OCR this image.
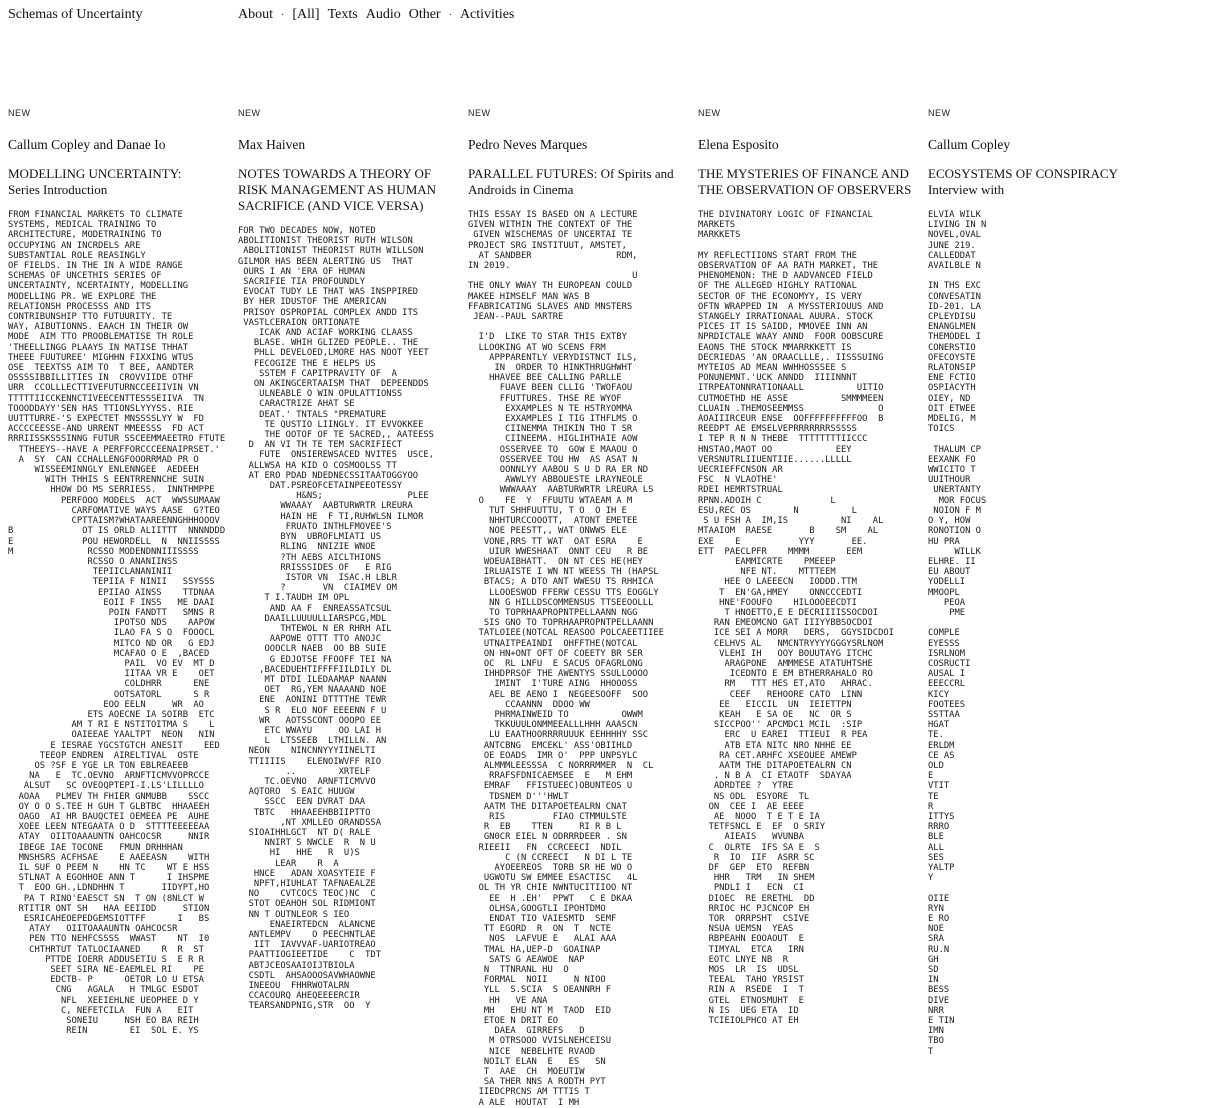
Schemas of Uncertainty	About · [All] Texts Audio Other · Activities
NEW
Callum Copley and Danae Io
MODELLING UNCERTAINTY:
Series Introduction
FROM FINANCIAL MARKETS TO CLIMATE
SYSTEMS, MEDICAL TRAINING TO
ARCHITECTURE, MODETRAINING TO
OCCUPYING AN INCRDELS ARE
SUBSTANTIAL ROLE REASINGLY
OF FIELDS. IN THE IN A WIDE RANGE
SCHEMAS OF UNCETHIS SERIES OF
UNCERTAINTY, NCERTAINTY, MODELLING
MODELLING PR. WE EXPLORE THE
RELATIONSH PROCESSS AND ITS
CONTRIBUNSHIP TTO FUTUURITY. TE
WAY, AIBUTIONNS. EAACH IN THEIR OW
MODE  AIM TTO PROOBLEMATISE TH ROLE
'THEELLINGG PLAAYS IN MATISE THHAT
THEEE FUUTUREE' MIGHHN FIXXING WTUS
OSE  TEEXTSS AIM TO  T BEE, AANDTER
OSSSSIBBILLITIES IN  CROVVIIDE OTHF
URR  CCOLLLECTTIVEFUTURNCCEEIIVIN VN
TTTTTIICCKENNCTIVEECENTTESSSEIIVA  TN
TOOODDAYY'SEN HAS TTIONSLYYYSS. RIE
UUTTTURRE-'S EXPECTET MNSSSSLYY W  FD
ACCCCEESSE-AND URRENT MMEESSS  FD ACT
RRRIISSKSSSINNG FUTUR SSCEEMMAEETRO FTUTE
TTHEEYS--HAVE A PERFFORCCCEENAIPRSET.'
A  SY  CAN CCHALLENGFOOORRMAD PR O
WISSEEMINNGLY ENLENNGEE  AEDEEH
WITH THHIS S EENTRRENNCHE SUIN
HHOW DO MS SERRIESS.  INNTHMPPE
PERFOOO MODELS  ACT  WWSSUMAAW
CARFOMATIVE WAYS AASE  G?TEO
CPTTAISM?WHATAAREENNGHHHOOOV
B             OT IS ORLD ALIITTT  NNNNDDD
E             POU HEWORDELL  N  NNIISSSS
M              RCSSO MODENDNNIIISSSS
RCSSO O ANANIINSS
TEPIICLANANINII
TEPIIA F NINII   SSYSSS
EPIIAO AINSS    TTDNAA
EOII F INSS   ME DAAI
POIN FANDTT   SMNS R
IPOTSO NDS    AAPOW
ILAO FA S O  FOOOCL
MITCO ND OR   G EDJ
MCAFAO O E  ,BACED
PAIL  VO EV  MT D
IITAA VR E    OET
COLDHRR      ENE
OOTSATORL      S R
EOO EELN     WR  AO
ETS AOECNE IA SOIRB  ETC
AM T RI E NSTITOITMA S    L
OAIEEAE YAALTPT  NEON   NIN
E IESRAE YGCSTGTCH ANESIT    EED
TEEOP ENDREN  AIRELTIVAL  OSTE
OS ?SF E YGE LR TON EBLREAEEB
NA   E  TC.OEVNO  ARNFTICMVVOPRCCE
ALSUT   SC OVEOQPTEPI-I.LS'LILLLLO
AOAA   PLMEV TH FHIER GNMUBB    SSCC
OY O O S.TEE H GUH T GLBTBC  HHAAEEH
OAGO  AI HR BAUQCTEI OEMEEA PE  AUHE
XOEE LEEN NTEGAATA O D  STTTTEEEEEAA
ATAY  OIITOAAAUNTN OAHCOCSR     NNIR
IBEGE IAE TOCONE   FMUN DRHHHAN
MNSHSRS ACFHSAE    E AAEEASN    WITH
IL SUF O PEEM N    HN TC    WT E HSS
STLNAT A EGOHHOE ANN T      I IHSPME
T  EOO GH.,LDNDHHN T       IIDYPT,HO
PA T RINO'EAESCT SN  T ON (8NLCT W
RTITIR ONT SH   HAA EEIIDD     STION
ESRICAHEOEPEDGEMSIOTTFF      I   BS
ATAY   OIITOAAAUNTN OAHCOCSR
PEN TTO NEHFCSSSS  WWAST    NT  I0
CHTHRTUT TATLOCIAANED    R  R  ST
PTTDE IOERR ADDUSETIU S  E R R
SEET SIRA NE-EAEMLEL RI    PE
EDCTB- P      OETOR LO U ETSA
CNG   AGALA   H TMLGC ESDOT
NFL  XEEIEHLNE UEOPHEE D Y
C, NEFETCILA  FUN A   EIT
SONEIU     NSH EO BA REIH
REIN        EI  SOL E. YS
NEW
Max Haiven
NOTES TOWARDS A THEORY OF RISK MANAGEMENT AS HUMAN SACRIFICE (AND VICE VERSA)
FOR TWO DECADES NOW, NOTED
ABOLITIONIST THEORIST RUTH WILSON
ABOLITIONIST THEORIST RUTH WILLSON
GILMOR HAS BEEN ALERTING US  THAT
OURS I AN 'ERA OF HUMAN
SACRIFIE TIA PROFOUNDLY
EVOCAT TUDY LE THAT WAS INSPPIRED
BY HER IDUSTOF THE AMERICAN
PRISOY OSPROPIAL COMPLEX ANDD ITS
VASTLCERAION ORTIONATE
ICAK AND ACIAF WORKING CLAASS
BLASE. WHIH GLIZED PEOPLE.. THE
PHLL DEVELOED,LMORE HAS NOOT YEET
FECOGIZE THE E HELPS US
SSTEM F CAPITPRAVITY OF  A
ON AKINGCERTAAISM THAT  DEPEENDDS
ULNEABLE O WIN OPULATTIONSS
CARACTRIZE AHAT SE
DEAT.' TNTALS "PREMATURE
TE QUSTIO LIINGLY. IT EVVOKKEE
THE OOTOF OF TE SACRED,, AATEESS
D  AN VI TH TE TEM SACRIFIECT
FUTE  ONSIEREWSACED NVITES  USCE,
ALLWSA HA KID O COSMOOLSS TT
AT ERO PDAD NDEDNECSSITAATOGGYOO
DAT.PSREOFCETAINPEEOTESSY
H&NS;                PLEE
WWAAAY  AABTURWRTR LREURA
HAIN HE  F TI,RUHWLSN ILMOR
FRUATO INTHLFMOVEE'S
BYN  UBROFLMIATI US
RLING  NNIZIE WNOE
?TH AEBS AICLTHIONS
RRISSSIDES OF   E RIG
ISTOR VN  ISAC.H LBLR
?       VN  CIAIMEV OM
T I.TAUDH IM OPL
AND AA F  ENREASSATCSUL
DAAILLUUUULLIARSPCG,MDL
THTEWOL N ER RHRH AIL
AAPOWE OTTT TTO ANOJC
OOOCLR NAEB  OO BB SUIE
G EDJOTSE FFOOFF TEI NA
,BACEDUEHTIFFFFIILDILY DL
MT DTDI ILEDAAMAP NAANN
OET  RG,YEM NAAAAND NOE
ENE  AONINI DTTTTHE TEWR
S R  ELO NOF EEEENN F U
WR   AOTSSCONT OOOPO EE
ETC WWAYU     OO LAI H
L  LTSSEEB  LTHILLN. AN
NEON    NINCNNYYYIINELTI
TTIIIIS    ELENOIWVFF RIO
..        XRTELF
TC.OEVNO  ARNFTICMVVO
AQTORO  S EAIC HUUGW
SSCC  EEN DVRAT DAA
TBTC   HHAAEEHBBIIPTTO
,NT XMLLEO ORANDSSA
SIOAIHHLGCT  NT D( RALE
NNIRT S NWCLE  R  N U
HI   HHE   R  U)S
LEAR    R  A
HNCE   ADAN XOASYTEIE F
NPFT,HIUHLAT TAFNAEALZE
NO    CVTCOCS TEOC)NC  C
STOT OEAHOH SOL RIDMIONT
NN T OUTNLEOR S IEO
ENAEIRTEDCN  ALANCNE
ANTLEMPV    O PEECHNTLAE
IIT  IAVVVAF-UARIOTREAO
PAATTIOGIEETIDE    C  TDT
ABTJCEOSAAIOIJTBIOLA
CSDTL  AHSAOOOSAVWHAOWNE
INEEOU  FHHRWOTALRN
CCACOURQ AHEQEEEERCIR
TEARSANDPNIG,STR  OO  Y
NEW
Pedro Neves Marques
PARALLEL FUTURES: Of Spirits and Androids in Cinema
THIS ESSAY IS BASED ON A LECTURE
GIVEN WITHIN THE CONTEXT OF THE
GIVEN WISCHEMAS OF UNCERTAI TE
PROJECT SRG INSTITUUT, AMSTET,
AT SANDBER                RDM,
IN 2019.
U
THE ONLY WWAY TH EUROPEAN COULD
MAKEE HIMSELF MAN WAS B
FFABRICATING SLAVES AND MNSTERS
JEAN--PAUL SARTRE

I'D  LIKE TO STAR THIS EXTBY
LLOOKING AT WO SCENS FRM
APPPARENTLY VERYDISTNCT ILS,
IN  ORDER TO HINKTHRUGHWHT
HHAVEE BEE CALLING PARLLE
FUAVE BEEN CLLIG 'TWOFAOU
FFUTTURES. THSE RE WYOF
EXXAMPLES N TE HSTRYOMMA
EXXAMPLES I TIG ITHFLMS O
CIINEMMA THIKIN THO T SR
CIINEEMA. HIGLIHTHAIE AOW
OSSERVEE TO  GOW E MAAOU O
OSSERVEE TOU HW  AS ASAT N
OONNLYY AABOU S U D RA ER ND
AWWLYY ABBOUESTE LRAYNEOLE
WWWAAAY  AABTURWRTR LREURA LS
O    FE  Y  FFUUTU WTAEAM A M
TUT SHHFUUTTU, T O  O IH E
NHHTURCCOOOTT,  ATONT EMETEE
NOE PEESTT,, WAT ONWWS ELE
VONE,RRS TT WAT  OAT ESRA    E
UIUR WWESHAAT  ONNT CEU   R BE
WOEUAIBHATT.  ON NT CES HE(HEY
IRLUAISTE I WN NT WEESS TH (HAPSL
BTACS; A DTO ANT WWESU TS RHHICA
LLOOESWOD FFERW CESSU TTS EOGGLY
NN G HILLDSCOMMENSUS TTSEEOOLLL
TO TOPRHAAPROPNTPELLAANN NGG
SIS GNO TO TOPRHAAPROPNTPELLAANN
TATLOIEE(NOTCAL REASOO POLCAEETIIEE
UTNAITPEAINDI  OHFFTHE(NOTCAL
ON HN+ONT OFT OF COEETY BR SER
OC  RL LNFU  E SACUS OFAGRLONG
IHHDPRSOF THE AWENTYS SSULLOOOO
IMINT  I'TURE AING  HHOOOSS
AEL BE AENO I  NEGEESOOFF  SOO
CCAANNN  DDOO WW
PHRMAINWEID TO          OWWM
TKKUUULONMMEEALLLHHH AAASCN
LU EAATHOORRRRUUUK EEHHHHY SSC
ANTCBNG  EMCEKL' ASS'OBIIHLD
OE EOADS  IMR O'  PPP UNPSYLC
ALMMMLEESSSA  C NORRRMMER  N  CL
RRAFSFDNICAEMSEE  E   M EHM
EMRAF   FFISTUEEC)OBUNTEOS U
TDSNEM D'''HWLT
AATM THE DITAPOETEALRN CNAT
RIS         FIAO CTMMULSTE
R  EB    TTEN     RI R B L
GN0CR EIEL N ODRRRDEER . SN
RIEEII   FN  CCRCEECI  NDIL
C (N CCREECI   N DI L TE
AYOEEREOS  TORB SR HE WO O
UGWOTU SW EMMEE ESACTISC   4L
OL TH YR CHIE NWNTUCITIIOO NT
EE  H .EH'  PPWT   C E DKAA
OLHSA,GOOGTLI IPOHTDMO
ENDAT TIO VAIESMTD  SEMF
TT EGORD  R  ON  T  NCTE
NOS  LAFVUE E   ALAI AAA
TMAL HA,UEP-D  GOAINAP
SATS G AEAWOE  NAP
N  TTNRANL HU  O
FORMAL  NOII     N NIOO
YLL  S.SCIA  S OEANNRH F
HH   VE ANA
MH   EHU NT M  TAOD  EID
ETOE N DRIT EO
DAEA  GIRREFS   D
M OTRSOOO VVISLNEHCEISU
NICE  NEBELHTE RVAOD
NOILT ELAN  E   ES   SN
T  AAE  CH  MOEUTIW
SA THER NNS A RODTH PYT
IIEDCPRCNS AM TTTIS T
A ALE  HOUTAT  I MH
NEW
Elena Esposito
THE MYSTERIES OF FINANCE AND THE OBSERVATION OF OBSERVERS
THE DIVINATORY LOGIC OF FINANCIAL
MARKETS
MARKKETS

MY REFLECTIIONS START FROM THE
OBSERVATION OF AA RATH MARKET, THE
PHENOMENON: THE D AADVANCED FIELD
OF THE ALLEGED HIGHLY RATIONAL
SECTOR OF THE ECONOMYY, IS VERY
OFTN WRAPPED IN  A MYSSTERIOUUS AND
STANGELY IRRATIONAAL AUURA. STOCK
PICES IT IS SAIDD, MMOVEE INN AN
NPRDICTALE WAAY ANND  FOOR OOBSCURE
EAONS THE STOCK MMARRKKETT IS
DECRIEDAS 'AN ORAACLLLE,. IISSSUING
MYTEIOS AD MEAN WWHHOSSSEE S
PONUNEMNT.'UCK ANNDD  IIIINNNT
ITRPEATONNRATIONAALL          UITIO
CUTMOETHD HE ASSE          SMMMMEEN
CLUAIN .THEMOSEEMMSS              O
AOAIIIRCEUR ENSE  OOFFFFFFFFFFOO  B
REEDPT AE EMSELVEPRRRRRRRSSSSS
I TEP R N N THEBE  TTTTTTTTIICCC
HNSTAO,MAOT OO            EEY
VERSNUTRLIIUENTIIE......LLLLL
UECRIEFFCNSON AR
FSC  N VLAOTHE'
RDEI HEMRTSTRUAL
RPNN.ADOIH C             L
ESU,REC OS        N          L
S U FSH A  IM,IS          NI    AL
MTAAIOM  RAESE       B    SM    AL
EXE    E           YYY       EE.
ETT  PAECLPFR    MMMM       EEM
EAMMICRTE    PMEEEP
NFE NT.    MTTTEEM
HEE O LAEEECN   IODDD.TTM
T  EN'GA,HMEY    ONNCCCEDTI
HNE'FOOUFO    HILOOOEECDTI
T HNOETTO,E E DECRIIIISSOCDOI
RAN EMEOMCNO GAT IIIYYBBSOCDOI
ICE SEI A MORR   DERS,  GGYSIDCDOI
CELHVS AL   NMCNTRYYYYGGGYSRLNOM
VLEHI IH   OOY BOUUTAYG ITCHC
ARAGPONE  AMMMESE ATATUHTSHE
ICEDNTO E EM BTHERRAHALO RO
RM   TTT HES ET,ATO   AHRAC.
CEEF   REHOORE CATO  LINN
EE   EICCIL  UN  IEIETTPN
KEAH   E SA OE   NC  OR S
SICCPOO'' APCMDC1 MCIL  :SIP
ERC  U EAREI  TTIEUI  R PEA
ATB ETA NITC NRO NHHE EE
RA CET.ARHFC XSEOUEE AMEWP
AATM THE DITAPOETEALRN CN
. N B A  CI ETAOTF  SDAYAA
ADRDTEE ?  YTRE
NS ODL  ESYORE  TL
ON  CEE I  AE EEEE
AE  NOOO  T E T E IA
TETFSNCL E  EF  O SRIY
AIEAIS   WVUNBA
C  OLRTE  IFS SA E  S
R  IO  IIF  ASRR SC
DF  GEP  ETO  REFBN
HHR   TRM   IN SHEM
PNDLI I   ECN  CI
DIOEC  RE ERETHL  DD
RRIOC HC PJCNCOP EH
TOR  ORRPSHT  CSIVE
NSUA UEMSN  YEAS
RBPEAHN EOOAOUT  E
TIMYAL  ETCA   IRN
EOTC LNYE NB  R
MOS  LR  IS  UDSL
TEEAL  TAHO YRSIST
RIN A  RSEDE  I  T
GTEL  ETNOSMUHT  E
N IS  UEG ETA  ID
TCIEIOLPHCO AT EH
NEW
Callum Copley
ECOSYSTEMS OF CONSPIRACY
Interview with
ELVIA WILK
LIVING IN N
NOVEL,OVAL
JUNE 219.
CALLEDDAT
AVAILBLE N

IN THS EXC
CONVESATIN
ID-201. LA
CPLEYDISU
ENANGLMEN
THEMODEL I
CONERSTIO
OFECOYSTE
RLATONSIP
ENE FCTIO
OSPIACYTH
OIEY, ND
OIT ETWEE
MDELIG, M
TOICS

THALUM CP
EEXANK FO
WWICITO T
UUITHOUR
UNERTANTY
MOR FOCUS
NOION F M
O Y, HOW
RONOTION O
HU PRA
WILLK
ELHRE. II
EU ABOUT
YODELLI
MMOOPL
PEOA
PME

COMPLE
EYESSS
ISRLNOM
COSRUCTI
AUSAL I
EEECCRL
KICY
FOOTEES
SSTTAA
HGAT
TE.
ERLDM
CE AS
OLD
E
VTIT
TE
R
ITTYS
RRRO
BLE
ALL
SES
YALTP
Y

OIIE
RYN
E RO
NOE
SRA
RU.N
GH
SD
IN
BESS
DIVE
NRR
E TIN
IMN
TBO
T
